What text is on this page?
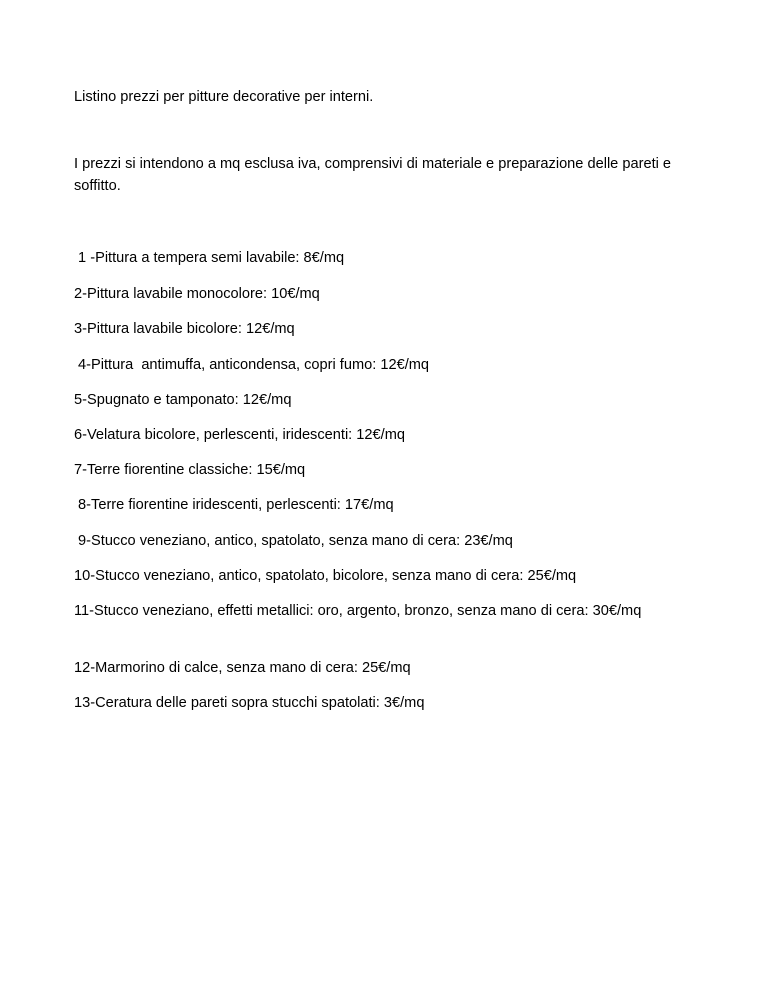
Listino prezzi per pitture decorative per interni.

I prezzi si intendono a mq esclusa iva, comprensivi di materiale e preparazione delle pareti e soffitto.

1 -Pittura a tempera semi lavabile: 8€/mq

2-Pittura lavabile monocolore: 10€/mq

3-Pittura lavabile bicolore: 12€/mq

4-Pittura  antimuffa, anticondensa, copri fumo: 12€/mq

5-Spugnato e tamponato: 12€/mq

6-Velatura bicolore, perlescenti, iridescenti: 12€/mq

7-Terre fiorentine classiche: 15€/mq

8-Terre fiorentine iridescenti, perlescenti: 17€/mq

9-Stucco veneziano, antico, spatolato, senza mano di cera: 23€/mq

10-Stucco veneziano, antico, spatolato, bicolore, senza mano di cera: 25€/mq

11-Stucco veneziano, effetti metallici: oro, argento, bronzo, senza mano di cera: 30€/mq

12-Marmorino di calce, senza mano di cera: 25€/mq

13-Ceratura delle pareti sopra stucchi spatolati: 3€/mq
